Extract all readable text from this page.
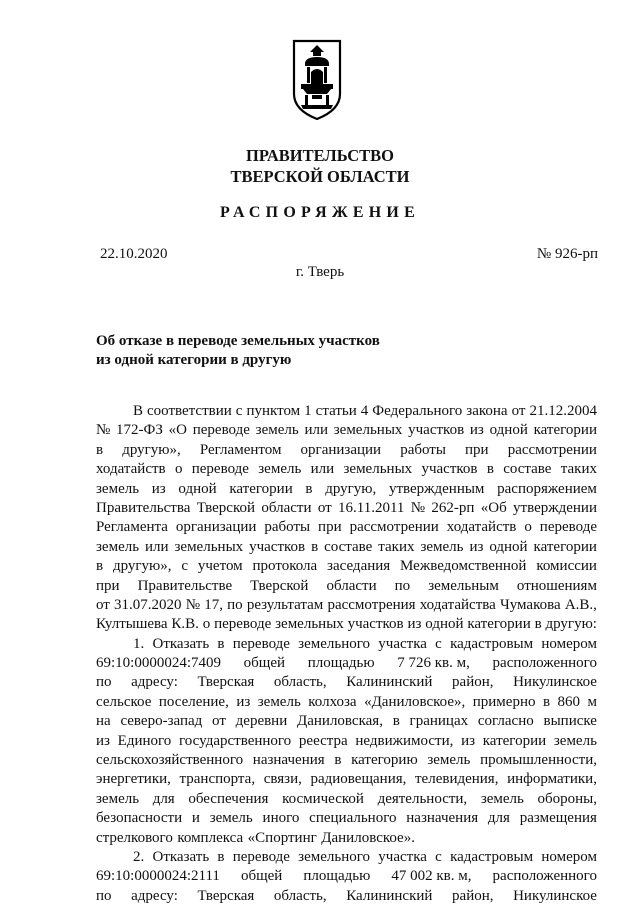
ПРАВИТЕЛЬСТВО
ТВЕРСКОЙ ОБЛАСТИ
РАСПОРЯЖЕНИЕ
22.10.2020	№ 926-рп
г. Тверь
Об отказе в переводе земельных участков
из одной категории в другую
В соответствии с пунктом 1 статьи 4 Федерального закона от 21.12.2004
№ 172-ФЗ «О переводе земель или земельных участков из одной категории
в другую», Регламентом организации работы при рассмотрении
ходатайств о переводе земель или земельных участков в составе таких
земель из одной категории в другую, утвержденным распоряжением
Правительства Тверской области от 16.11.2011 № 262-рп «Об утверждении
Регламента организации работы при рассмотрении ходатайств о переводе
земель или земельных участков в составе таких земель из одной категории
в другую», с учетом протокола заседания Межведомственной комиссии
при Правительстве Тверской области по земельным отношениям
от 31.07.2020 № 17, по результатам рассмотрения ходатайства Чумакова А.В.,
Култышева К.В. о переводе земельных участков из одной категории в другую:
1. Отказать в переводе земельного участка с кадастровым номером
69:10:0000024:7409 общей площадью 7 726 кв. м, расположенного
по адресу: Тверская область, Калининский район, Никулинское
сельское поселение, из земель колхоза «Даниловское», примерно в 860 м
на северо-запад от деревни Даниловская, в границах согласно выписке
из Единого государственного реестра недвижимости, из категории земель
сельскохозяйственного назначения в категорию земель промышленности,
энергетики, транспорта, связи, радиовещания, телевидения, информатики,
земель для обеспечения космической деятельности, земель обороны,
безопасности и земель иного специального назначения для размещения
стрелкового комплекса «Спортинг Даниловское».
2. Отказать в переводе земельного участка с кадастровым номером
69:10:0000024:2111 общей площадью 47 002 кв. м, расположенного
по адресу: Тверская область, Калининский район, Никулинское
